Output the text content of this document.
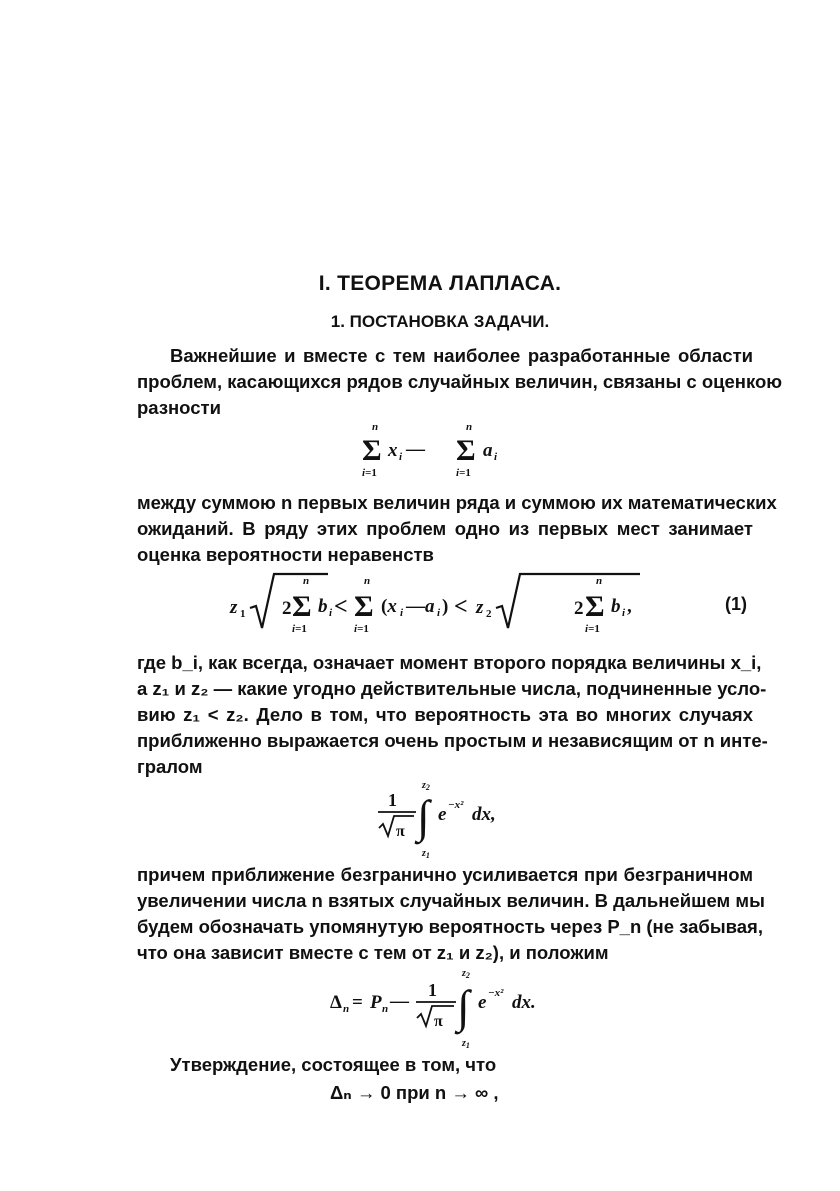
I. ТЕОРЕМА ЛАПЛАСА.
1. ПОСТАНОВКА ЗАДАЧИ.
Важнейшие и вместе с тем наиболее разработанные области
проблем, касающихся рядов случайных величин, связаны с оценкою
разности
n
Σ
i=1
x i —
n
Σ
i=1
a i
между суммою n первых величин ряда и суммою их математических
ожиданий. В ряду этих проблем одно из первых мест занимает
оценка вероятности неравенств
z 1 2
n
Σ
i=1
b i <
n
Σ
i=1
(x i —a i ) < z 2	2
n
Σ
i=1
b i ,	(1)
где b_i, как всегда, означает момент второго порядка величины x_i,
а z₁ и z₂ — какие угодно действительные числа, подчиненные усло-
вию z₁ < z₂. Дело в том, что вероятность эта во многих случаях
приближенно выражается очень простым и независящим от n инте-
гралом
1
π
$z_2$
∫
$z_1$
e −x² dx,
причем приближение безгранично усиливается при безграничном
увеличении числа n взятых случайных величин. В дальнейшем мы
будем обозначать упомянутую вероятность через P_n (не забывая,
что она зависит вместе с тем от z₁ и z₂), и положим
Δ n = P n —
1
π
$z_2$
∫
$z_1$
e −x² dx.
Утверждение, состоящее в том, что
Δₙ → 0 при n → ∞ ,
